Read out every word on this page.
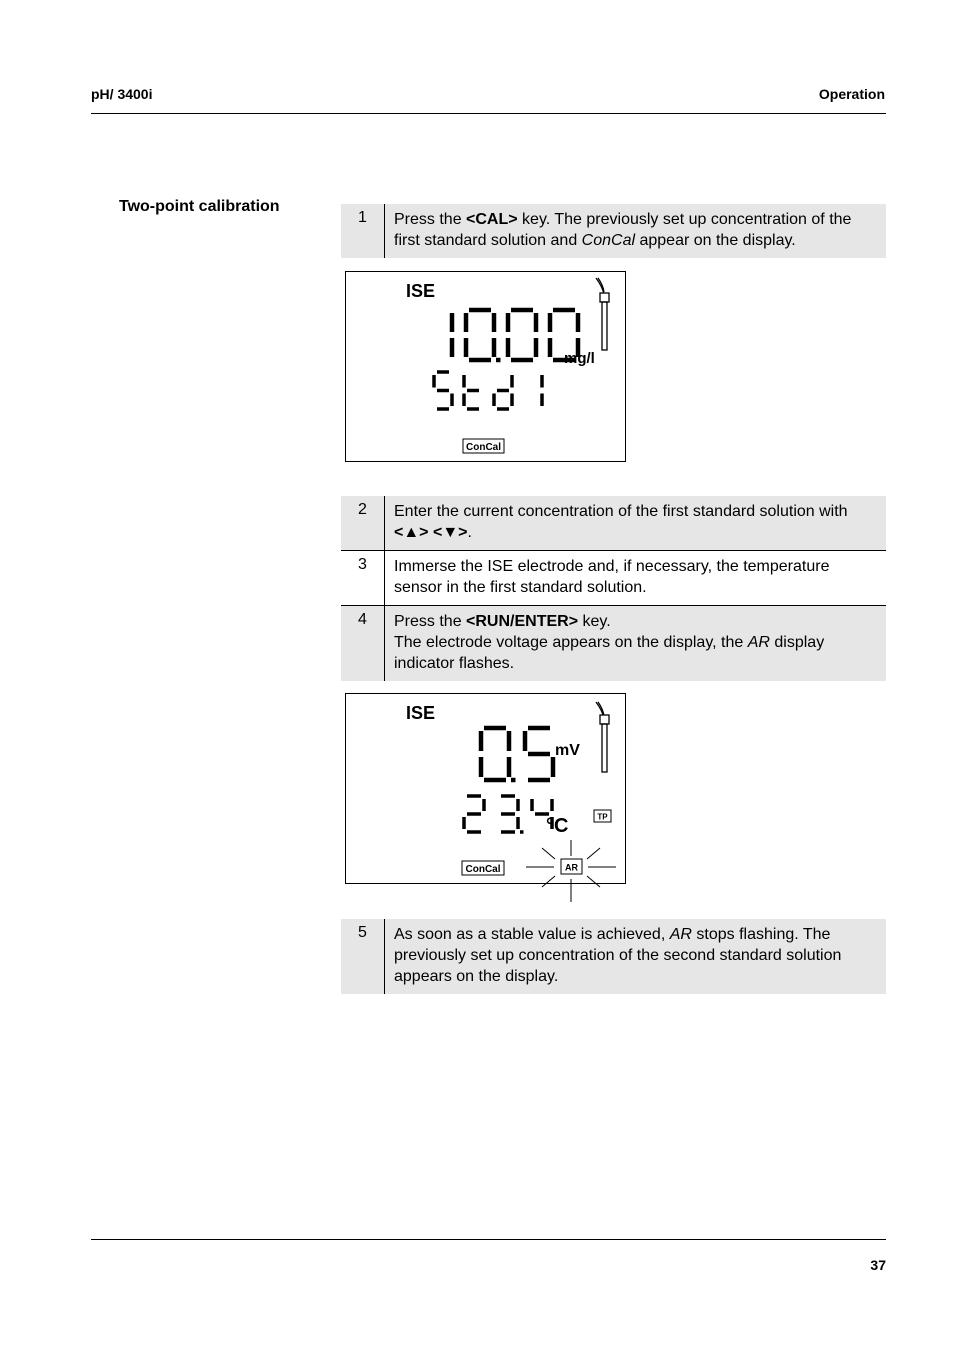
pH/ 3400i	Operation
Two-point calibration
1	Press the <CAL> key. The previously set up concentration of the first standard solution and ConCal appear on the display.
ISE
mg/l
ConCal
2	Enter the current concentration of the first standard solution with <▲> <▼>.
3	Immerse the ISE electrode and, if necessary, the temperature sensor in the first standard solution.
4	Press the <RUN/ENTER> key.
The electrode voltage appears on the display, the AR display indicator flashes.
ISE
mV
°C	TP
ConCal	AR
5	As soon as a stable value is achieved, AR stops flashing. The previously set up concentration of the second standard solution appears on the display.
37
